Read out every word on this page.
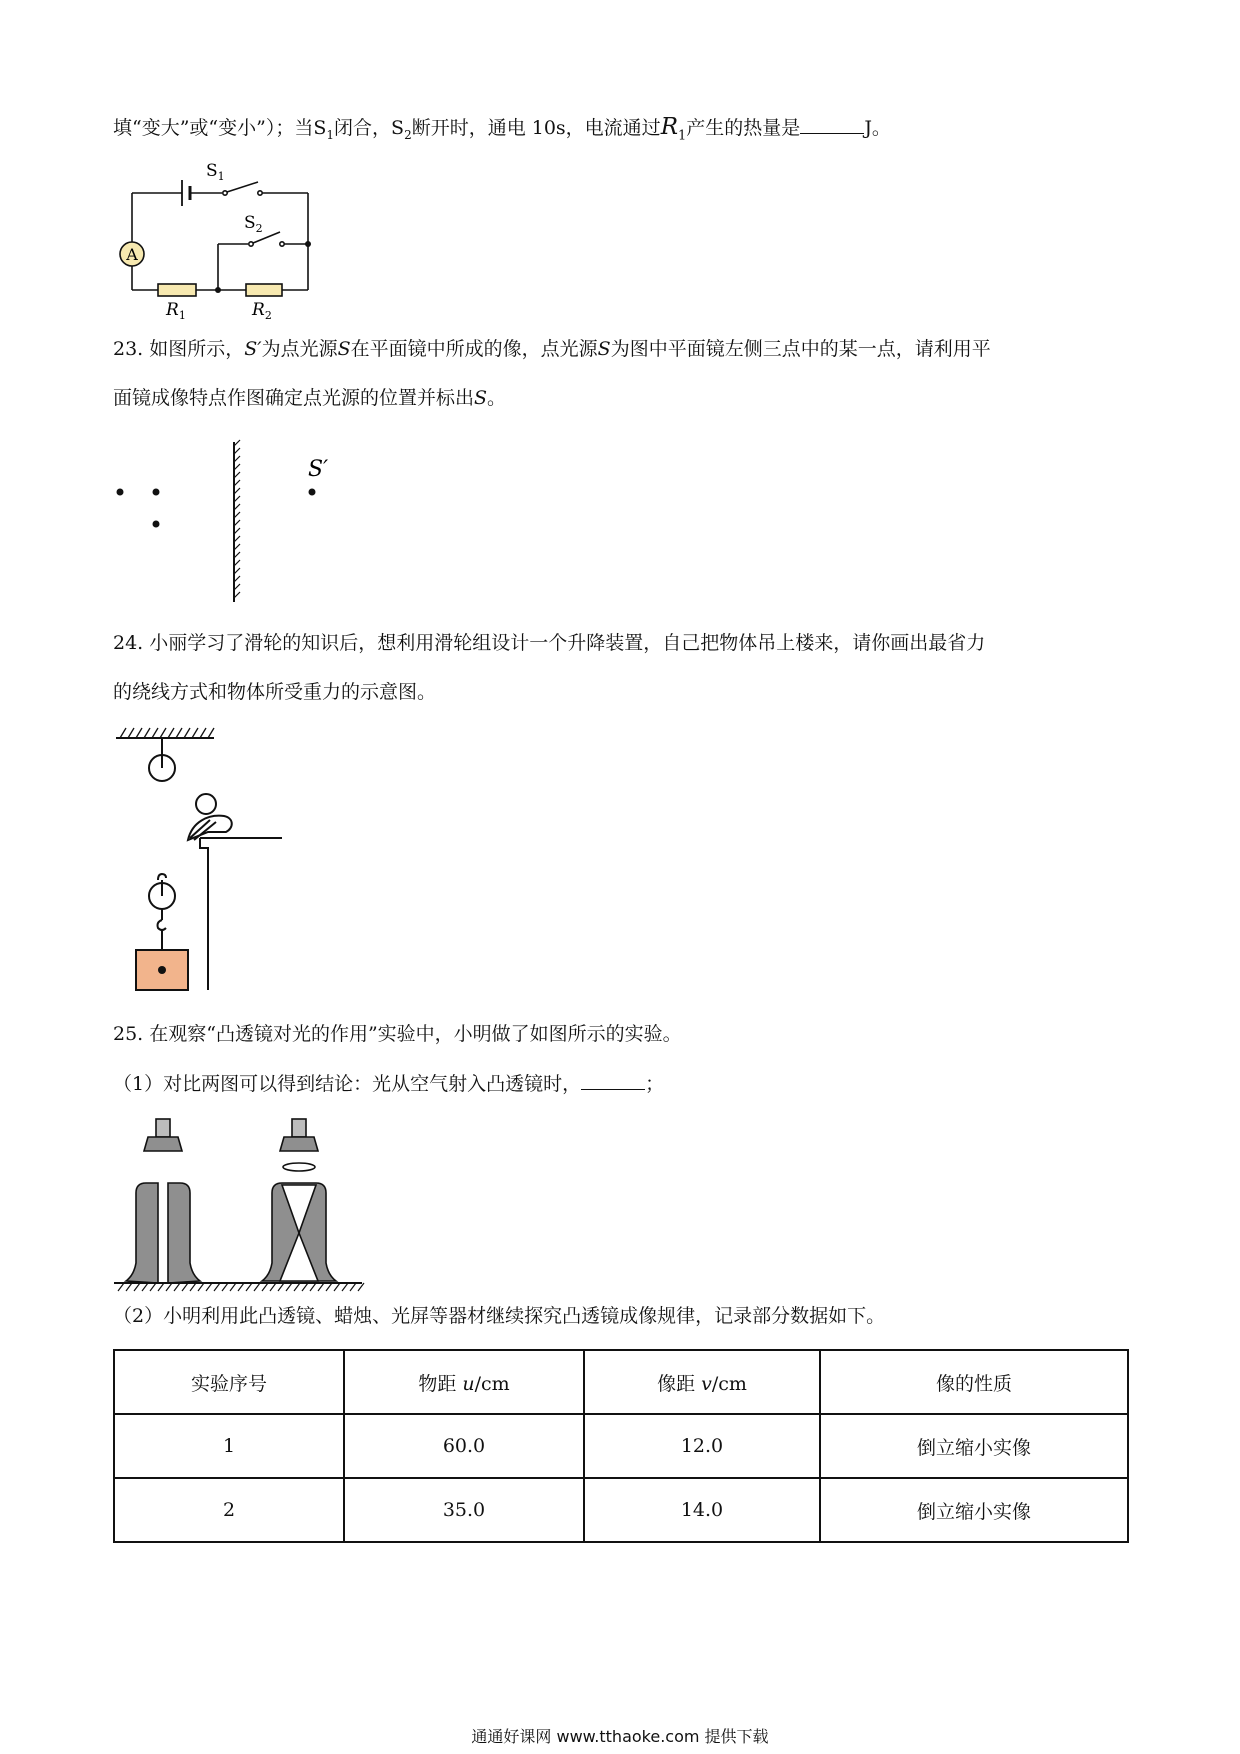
填“变大”或“变小”）；当$S_1$闭合，$S_2$断开时，通电 10s，电流通过$R_1$产生的热量是	J。
A
$S_1$
$S_2$
$R_1$	$R_2$
23. 如图所示，S′为点光源S在平面镜中所成的像，点光源S为图中平面镜左侧三点中的某一点，请利用平
面镜成像特点作图确定点光源的位置并标出S。
S′
24. 小丽学习了滑轮的知识后，想利用滑轮组设计一个升降装置，自己把物体吊上楼来，请你画出最省力
的绕线方式和物体所受重力的示意图。
25. 在观察“凸透镜对光的作用”实验中，小明做了如图所示的实验。
（1）对比两图可以得到结论：光从空气射入凸透镜时，	；
（2）小明利用此凸透镜、蜡烛、光屏等器材继续探究凸透镜成像规律，记录部分数据如下。
实验序号	物距 u/cm	像距 v/cm	像的性质
1	60.0	12.0	倒立缩小实像
2	35.0	14.0	倒立缩小实像
通通好课网 www.tthaoke.com 提供下载
